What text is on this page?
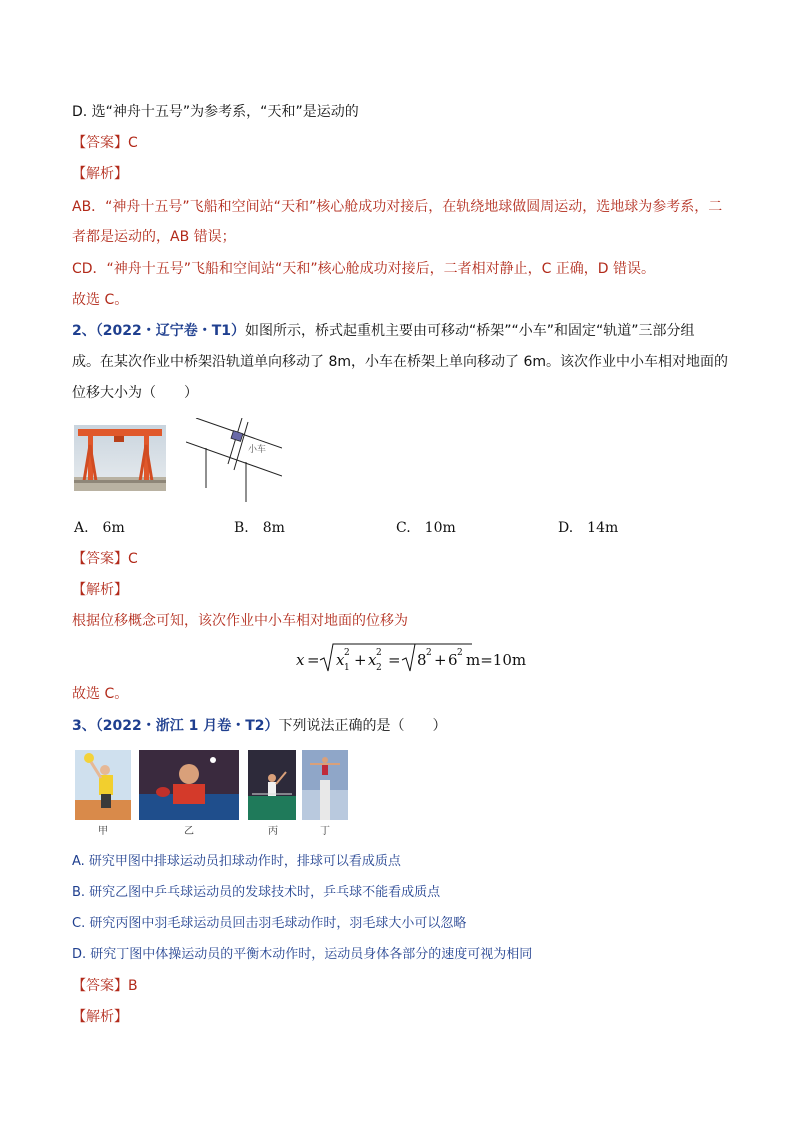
D. 选“神舟十五号”为参考系，“天和”是运动的
【答案】C
【解析】
AB．“神舟十五号”飞船和空间站“天和”核心舱成功对接后，在轨绕地球做圆周运动，选地球为参考系，二
者都是运动的，AB 错误；
CD．“神舟十五号”飞船和空间站“天和”核心舱成功对接后，二者相对静止，C 正确，D 错误。
故选 C。
2、（2022・辽宁卷・T1）如图所示，桥式起重机主要由可移动“桥架”“小车”和固定“轨道”三部分组
成。在某次作业中桥架沿轨道单向移动了 8m，小车在桥架上单向移动了 6m。该次作业中小车相对地面的
位移大小为（　　）
小车
A.　6m	B.　8m	C.　10m	D.　14m
【答案】C
【解析】
根据位移概念可知，该次作业中小车相对地面的位移为
x = x 1
2 + x 2
2 = 8 2 + 6 2 m=10m
故选 C。
3、（2022・浙江 1 月卷・T2）下列说法正确的是（　　）
甲	乙	丙	丁
A. 研究甲图中排球运动员扣球动作时，排球可以看成质点
B. 研究乙图中乒乓球运动员的发球技术时，乒乓球不能看成质点
C. 研究丙图中羽毛球运动员回击羽毛球动作时，羽毛球大小可以忽略
D. 研究丁图中体操运动员的平衡木动作时，运动员身体各部分的速度可视为相同
【答案】B
【解析】
